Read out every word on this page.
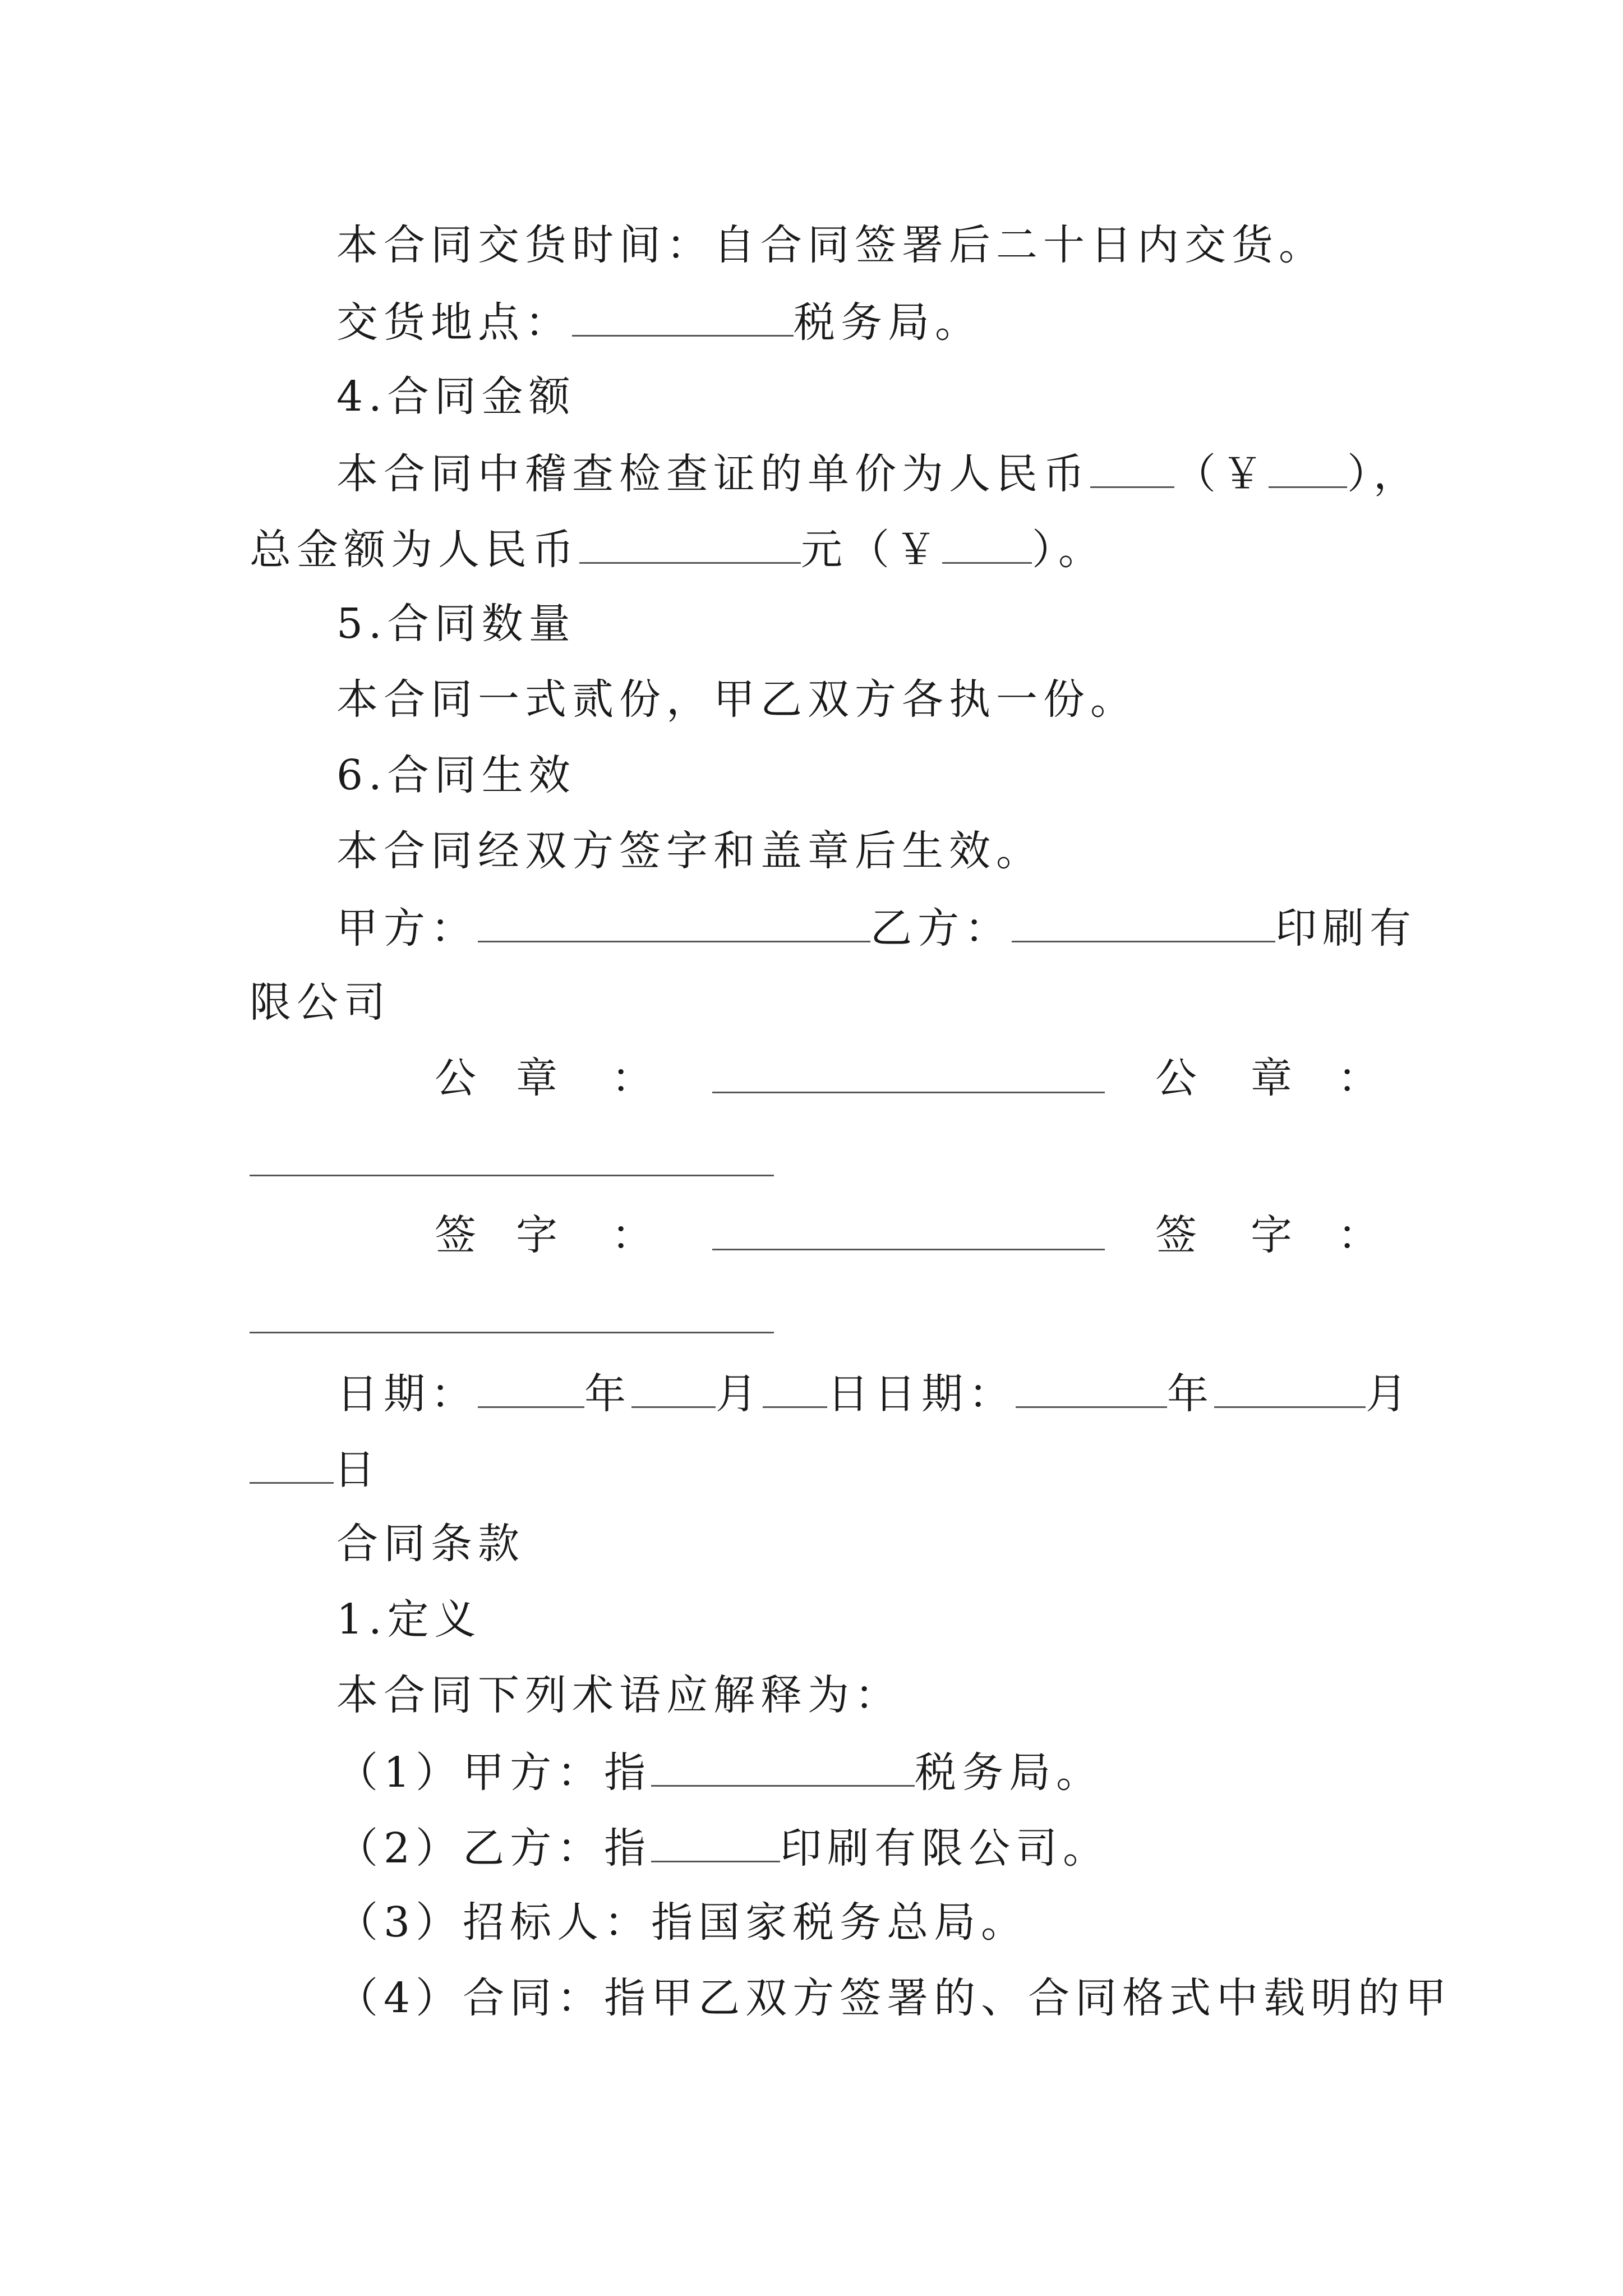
本合同交货时间：自合同签署后二十日内交货。
交货地点：	税务局。
4.合同金额
本合同中稽查检查证的单价为人民币 （￥ ），
总金额为人民币	元（￥ ）。
5.合同数量
本合同一式贰份，甲乙双方各执一份。
6.合同生效
本合同经双方签字和盖章后生效。
甲方：	乙方：	印刷有
限公司
公 章 ：	公 章 ：
签 字 ：	签 字 ：
日期：	年 月 日日期：	年	月
日
合同条款
1.定义
本合同下列术语应解释为：
（1）甲方：指	税务局。
（2）乙方：指	印刷有限公司。
（3）招标人：指国家税务总局。
（4）合同：指甲乙双方签署的、合同格式中载明的甲
